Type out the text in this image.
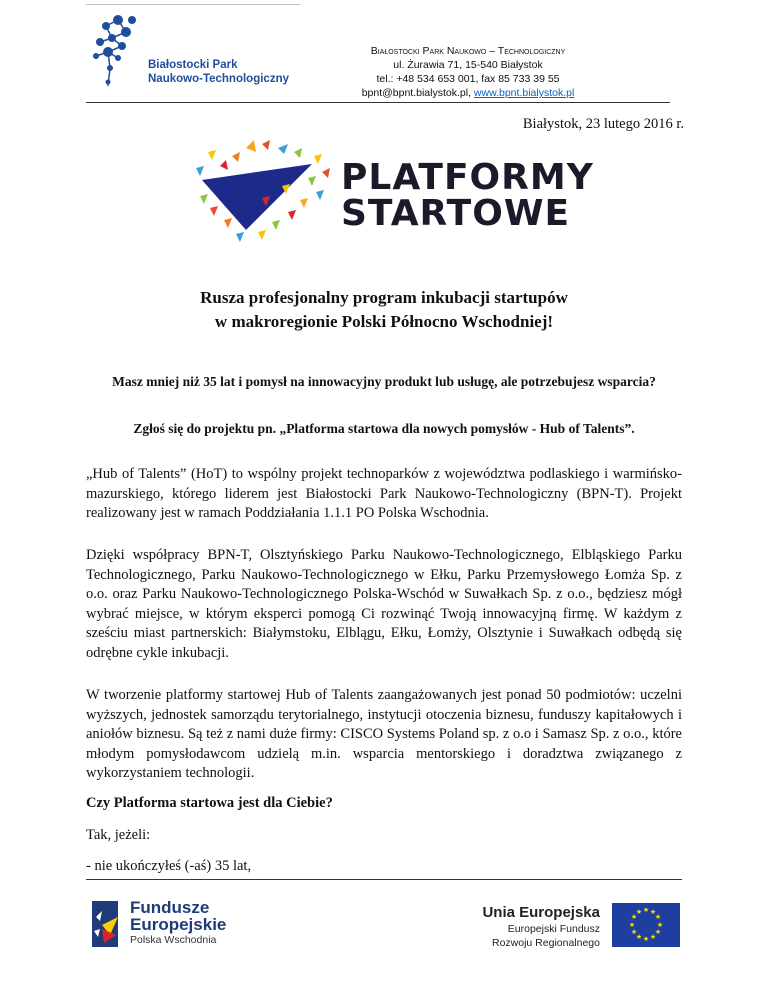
Białostocki Park
Naukowo-Technologiczny
Białostocki Park Naukowo – Technologiczny
ul. Żurawia 71, 15-540 Białystok
tel.: +48 534 653 001, fax 85 733 39 55
bpnt@bpnt.bialystok.pl, www.bpnt.bialystok.pl
Białystok, 23 lutego 2016 r.
PLATFORMY
STARTOWE
Rusza profesjonalny program inkubacji startupów
w makroregionie Polski Północno Wschodniej!
Masz mniej niż 35 lat i pomysł na innowacyjny produkt lub usługę, ale potrzebujesz wsparcia?
Zgłoś się do projektu pn. „Platforma startowa dla nowych pomysłów - Hub of Talents”.
„Hub of Talents” (HoT) to wspólny projekt technoparków z województwa podlaskiego i warmińsko-mazurskiego, którego liderem jest Białostocki Park Naukowo-Technologiczny (BPN-T). Projekt realizowany jest w ramach Poddziałania 1.1.1 PO Polska Wschodnia.
Dzięki współpracy BPN-T, Olsztyńskiego Parku Naukowo-Technologicznego, Elbląskiego Parku Technologicznego, Parku Naukowo-Technologicznego w Ełku, Parku Przemysłowego Łomża Sp. z o.o. oraz Parku Naukowo-Technologicznego Polska-Wschód w Suwałkach Sp. z o.o., będziesz mógł wybrać miejsce, w którym eksperci pomogą Ci rozwinąć Twoją innowacyjną firmę. W każdym z sześciu miast partnerskich: Białymstoku, Elblągu, Ełku, Łomży, Olsztynie i Suwałkach odbędą się odrębne cykle inkubacji.
W tworzenie platformy startowej Hub of Talents zaangażowanych jest ponad 50 podmiotów: uczelni wyższych, jednostek samorządu terytorialnego, instytucji otoczenia biznesu, funduszy kapitałowych i aniołów biznesu. Są też z nami duże firmy: CISCO Systems Poland sp. z o.o i Samasz Sp. z o.o., które młodym pomysłodawcom udzielą m.in. wsparcia mentorskiego i doradztwa związanego z wykorzystaniem technologii.
Czy Platforma startowa jest dla Ciebie?
Tak, jeżeli:
- nie ukończyłeś (-aś) 35 lat,
Fundusze
Europejskie
Polska Wschodnia
Unia Europejska
Europejski Fundusz
Rozwoju Regionalnego
★ ★
★
★
★
★
★
★
★
★
★
★
